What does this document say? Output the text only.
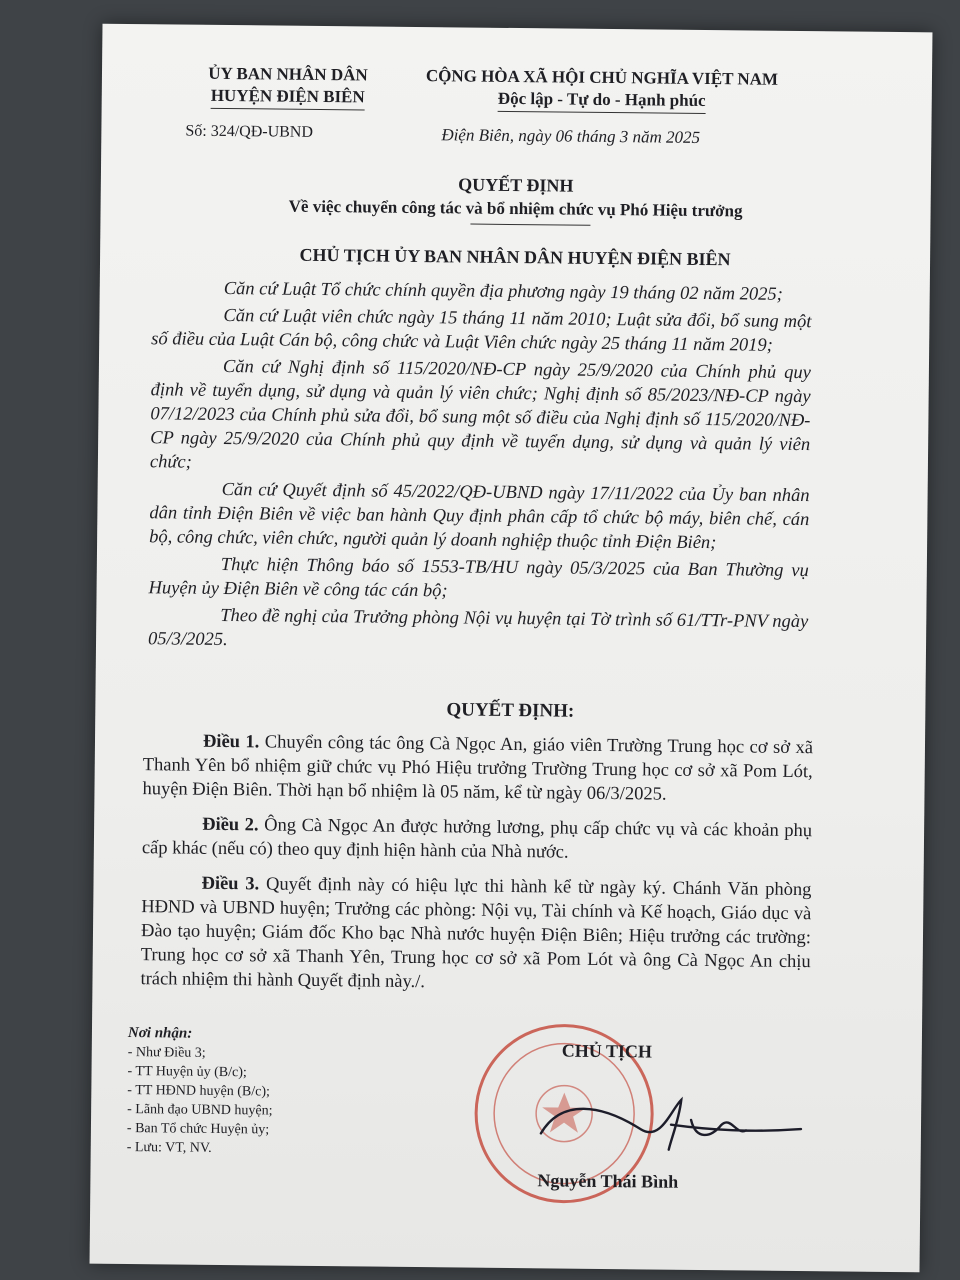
ỦY BAN NHÂN DÂN
HUYỆN ĐIỆN BIÊN
CỘNG HÒA XÃ HỘI CHỦ NGHĨA VIỆT NAM
Độc lập - Tự do - Hạnh phúc
Số: 324/QĐ-UBND	Điện Biên, ngày 06 tháng 3 năm 2025
QUYẾT ĐỊNH
Về việc chuyển công tác và bổ nhiệm chức vụ Phó Hiệu trưởng
CHỦ TỊCH ỦY BAN NHÂN DÂN HUYỆN ĐIỆN BIÊN

Căn cứ Luật Tổ chức chính quyền địa phương ngày 19 tháng 02 năm 2025;

Căn cứ Luật viên chức ngày 15 tháng 11 năm 2010; Luật sửa đổi, bổ sung một số điều của Luật Cán bộ, công chức và Luật Viên chức ngày 25 tháng 11 năm 2019;

Căn cứ Nghị định số 115/2020/NĐ-CP ngày 25/9/2020 của Chính phủ quy định về tuyển dụng, sử dụng và quản lý viên chức; Nghị định số 85/2023/NĐ-CP ngày 07/12/2023 của Chính phủ sửa đổi, bổ sung một số điều của Nghị định số 115/2020/NĐ-CP ngày 25/9/2020 của Chính phủ quy định về tuyển dụng, sử dụng và quản lý viên chức;

Căn cứ Quyết định số 45/2022/QĐ-UBND ngày 17/11/2022 của Ủy ban nhân dân tỉnh Điện Biên về việc ban hành Quy định phân cấp tổ chức bộ máy, biên chế, cán bộ, công chức, viên chức, người quản lý doanh nghiệp thuộc tỉnh Điện Biên;

Thực hiện Thông báo số 1553-TB/HU ngày 05/3/2025 của Ban Thường vụ Huyện ủy Điện Biên về công tác cán bộ;

Theo đề nghị của Trưởng phòng Nội vụ huyện tại Tờ trình số 61/TTr-PNV ngày 05/3/2025.

QUYẾT ĐỊNH:

Điều 1. Chuyển công tác ông Cà Ngọc An, giáo viên Trường Trung học cơ sở xã Thanh Yên bổ nhiệm giữ chức vụ Phó Hiệu trưởng Trường Trung học cơ sở xã Pom Lót, huyện Điện Biên. Thời hạn bổ nhiệm là 05 năm, kể từ ngày 06/3/2025.

Điều 2. Ông Cà Ngọc An được hưởng lương, phụ cấp chức vụ và các khoản phụ cấp khác (nếu có) theo quy định hiện hành của Nhà nước.

Điều 3. Quyết định này có hiệu lực thi hành kể từ ngày ký. Chánh Văn phòng HĐND và UBND huyện; Trưởng các phòng: Nội vụ, Tài chính và Kế hoạch, Giáo dục và Đào tạo huyện; Giám đốc Kho bạc Nhà nước huyện Điện Biên; Hiệu trưởng các trường: Trung học cơ sở xã Thanh Yên, Trung học cơ sở xã Pom Lót và ông Cà Ngọc An chịu trách nhiệm thi hành Quyết định này./.

Nơi nhận:
- Như Điều 3;
- TT Huyện ủy (B/c);
- TT HĐND huyện (B/c);
- Lãnh đạo UBND huyện;
- Ban Tổ chức Huyện ủy;
- Lưu: VT, NV.
CHỦ TỊCH
Nguyễn Thái Bình
